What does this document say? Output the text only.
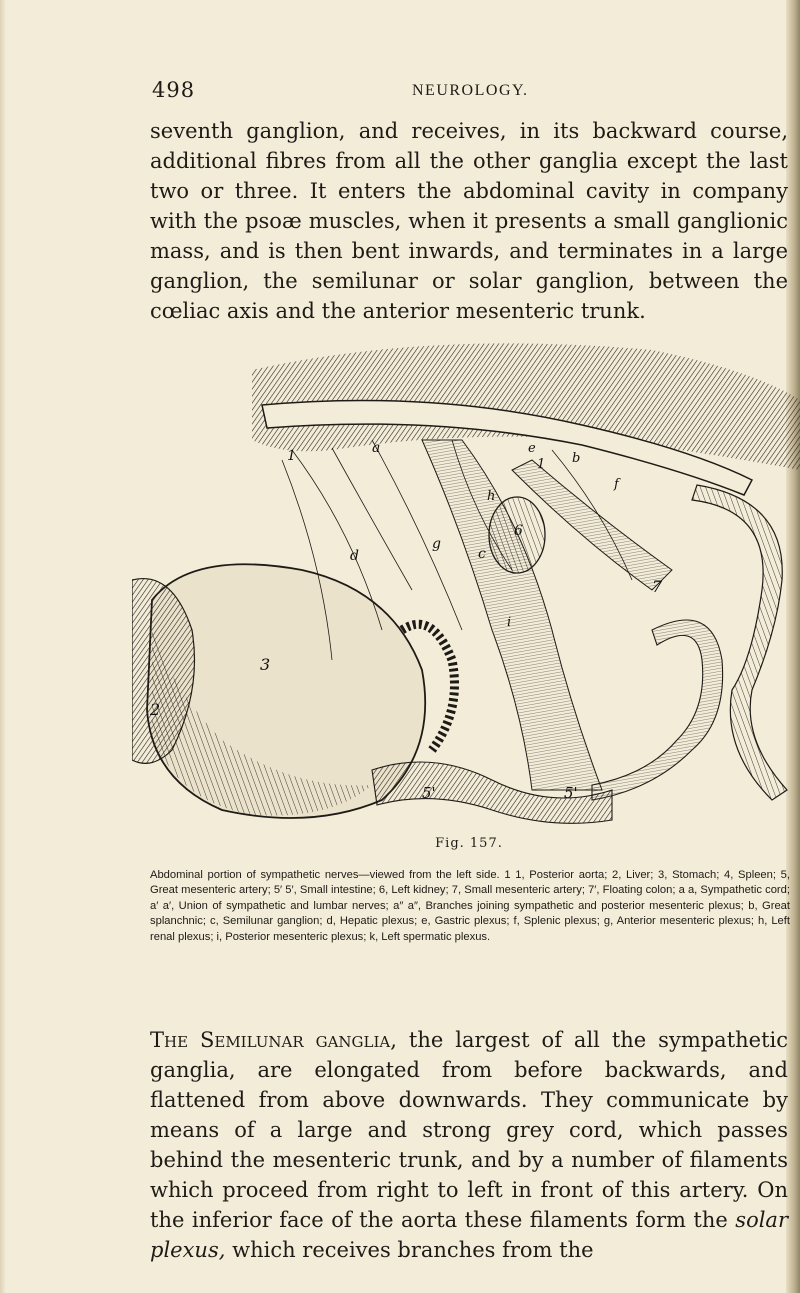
498	NEUROLOGY.

seventh ganglion, and receives, in its backward course, additional fibres from all the other ganglia except the last two or three. It enters the abdominal cavity in company with the psoæ muscles, when it presents a small ganglionic mass, and is then bent inwards, and terminates in a large ganglion, the semilunar or solar ganglion, between the cœliac axis and the anterior mesenteric trunk.

a
1
2
3
6
7
d
g
c
h
e
b
f
i
5'	5'
1
Fig. 157.

Abdominal portion of sympathetic nerves—viewed from the left side. 1 1, Posterior aorta; 2, Liver; 3, Stomach; 4, Spleen; 5, Great mesenteric artery; 5′ 5′, Small intestine; 6, Left kidney; 7, Small mesenteric artery; 7′, Floating colon; a a, Sympathetic cord; a′ a′, Union of sympathetic and lumbar nerves; a″ a″, Branches joining sympathetic and posterior mesenteric plexus; b, Great splanchnic; c, Semilunar ganglion; d, Hepatic plexus; e, Gastric plexus; f, Splenic plexus; g, Anterior mesenteric plexus; h, Left renal plexus; i, Posterior mesenteric plexus; k, Left spermatic plexus.

The Semilunar ganglia, the largest of all the sympathetic ganglia, are elongated from before backwards, and flattened from above downwards. They communicate by means of a large and strong grey cord, which passes behind the mesenteric trunk, and by a number of filaments which proceed from right to left in front of this artery. On the inferior face of the aorta these filaments form the solar plexus, which receives branches from the
